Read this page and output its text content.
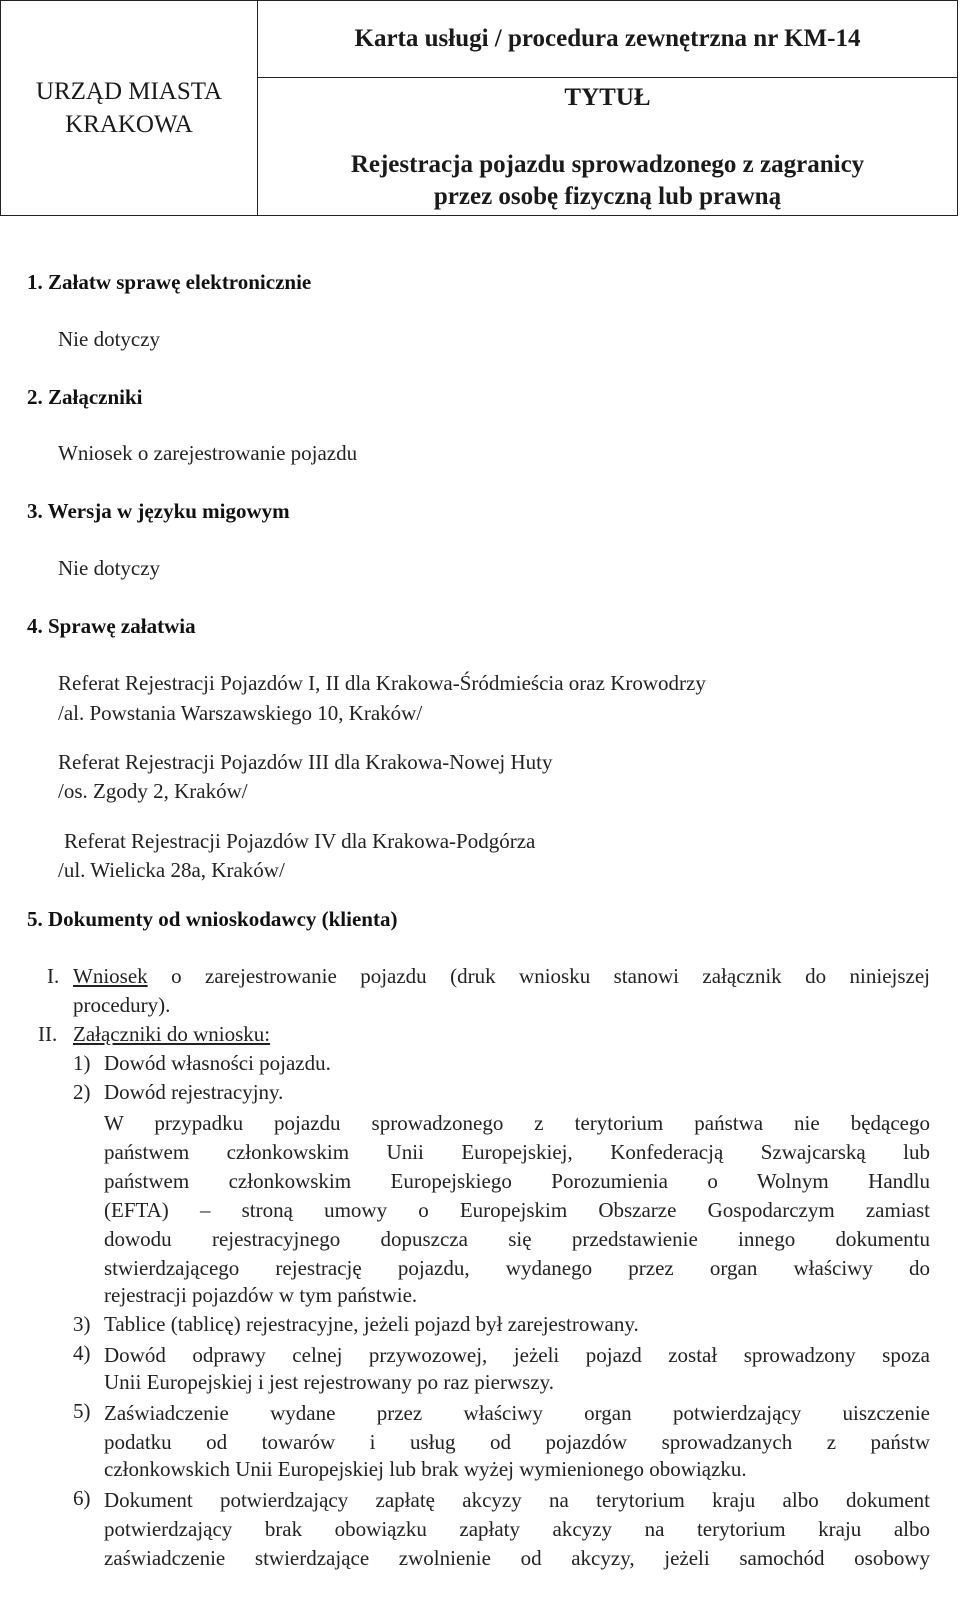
URZĄD MIASTA
KRAKOWA
Karta usługi / procedura zewnętrzna nr KM-14
TYTUŁ
Rejestracja pojazdu sprowadzonego z zagranicy
przez osobę fizyczną lub prawną
1. Załatw sprawę elektronicznie
Nie dotyczy
2. Załączniki
Wniosek o zarejestrowanie pojazdu
3. Wersja w języku migowym
Nie dotyczy
4. Sprawę załatwia
Referat Rejestracji Pojazdów I, II dla Krakowa-Śródmieścia oraz Krowodrzy
/al. Powstania Warszawskiego 10, Kraków/
Referat Rejestracji Pojazdów III dla Krakowa-Nowej Huty
/os. Zgody 2, Kraków/
Referat Rejestracji Pojazdów IV dla Krakowa-Podgórza
/ul. Wielicka 28a, Kraków/
5. Dokumenty od wnioskodawcy (klienta)
I. Wniosek o zarejestrowanie pojazdu (druk wniosku stanowi załącznik do niniejszej
procedury).
II. Załączniki do wniosku:
1) Dowód własności pojazdu.
2) Dowód rejestracyjny.
W przypadku pojazdu sprowadzonego z terytorium państwa nie będącego
państwem członkowskim Unii Europejskiej, Konfederacją Szwajcarską lub
państwem członkowskim Europejskiego Porozumienia o Wolnym Handlu
(EFTA) – stroną umowy o Europejskim Obszarze Gospodarczym zamiast
dowodu rejestracyjnego dopuszcza się przedstawienie innego dokumentu
stwierdzającego rejestrację pojazdu, wydanego przez organ właściwy do
rejestracji pojazdów w tym państwie.
3) Tablice (tablicę) rejestracyjne, jeżeli pojazd był zarejestrowany.
4) Dowód odprawy celnej przywozowej, jeżeli pojazd został sprowadzony spoza
Unii Europejskiej i jest rejestrowany po raz pierwszy.
5) Zaświadczenie wydane przez właściwy organ potwierdzający uiszczenie
podatku od towarów i usług od pojazdów sprowadzanych z państw
członkowskich Unii Europejskiej lub brak wyżej wymienionego obowiązku.
6) Dokument potwierdzający zapłatę akcyzy na terytorium kraju albo dokument
potwierdzający brak obowiązku zapłaty akcyzy na terytorium kraju albo
zaświadczenie stwierdzające zwolnienie od akcyzy, jeżeli samochód osobowy
